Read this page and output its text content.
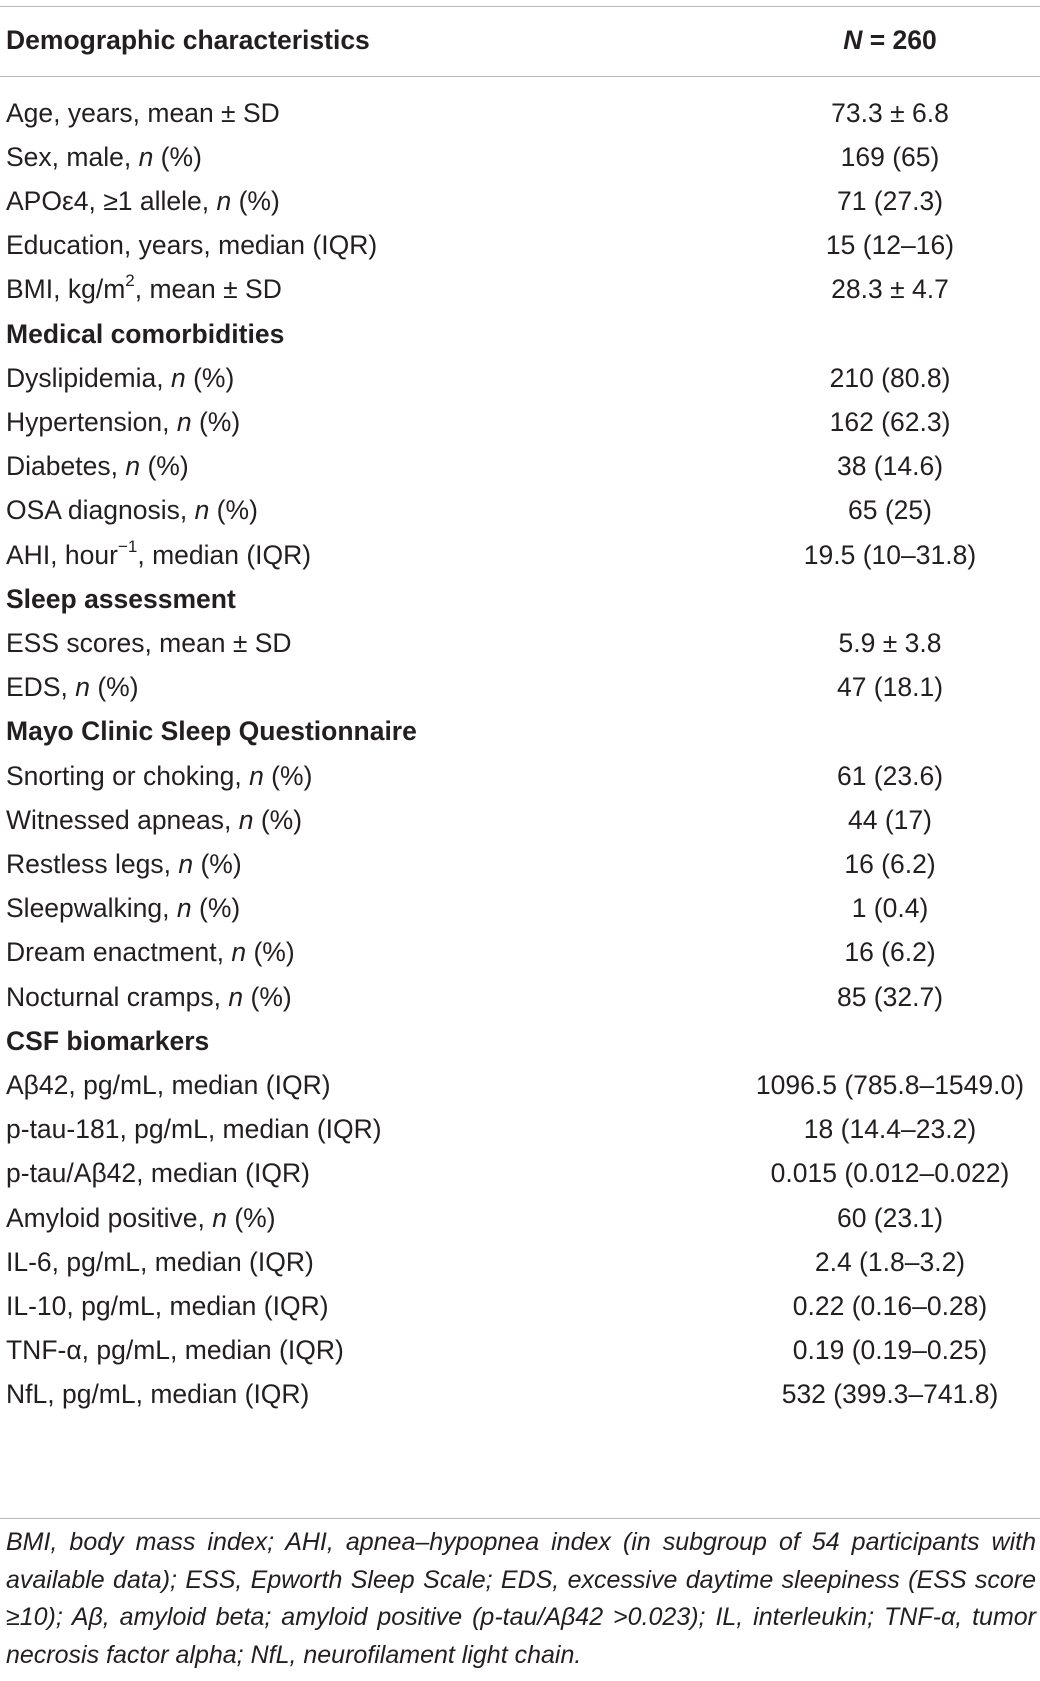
Demographic characteristics	N = 260
Age, years, mean ± SD	73.3 ± 6.8
Sex, male, n (%)	169 (65)
APOε4, ≥1 allele, n (%)	71 (27.3)
Education, years, median (IQR)	15 (12–16)
BMI, $kg/m^2$, mean ± SD	28.3 ± 4.7
Medical comorbidities
Dyslipidemia, n (%)	210 (80.8)
Hypertension, n (%)	162 (62.3)
Diabetes, n (%)	38 (14.6)
OSA diagnosis, n (%)	65 (25)
AHI, hour$^{-1}$, median (IQR)	19.5 (10–31.8)
Sleep assessment
ESS scores, mean ± SD	5.9 ± 3.8
EDS, n (%)	47 (18.1)
Mayo Clinic Sleep Questionnaire
Snorting or choking, n (%)	61 (23.6)
Witnessed apneas, n (%)	44 (17)
Restless legs, n (%)	16 (6.2)
Sleepwalking, n (%)	1 (0.4)
Dream enactment, n (%)	16 (6.2)
Nocturnal cramps, n (%)	85 (32.7)
CSF biomarkers
Aβ42, pg/mL, median (IQR)	1096.5 (785.8–1549.0)
p-tau-181, pg/mL, median (IQR)	18 (14.4–23.2)
p-tau/Aβ42, median (IQR)	0.015 (0.012–0.022)
Amyloid positive, n (%)	60 (23.1)
IL-6, pg/mL, median (IQR)	2.4 (1.8–3.2)
IL-10, pg/mL, median (IQR)	0.22 (0.16–0.28)
TNF-α, pg/mL, median (IQR)	0.19 (0.19–0.25)
NfL, pg/mL, median (IQR)	532 (399.3–741.8)
BMI, body mass index; AHI, apnea–hypopnea index (in subgroup of 54 participants with available data); ESS, Epworth Sleep Scale; EDS, excessive daytime sleepiness (ESS score ≥10); Aβ, amyloid beta; amyloid positive (p-tau/Aβ42 >0.023); IL, interleukin; TNF-α, tumor necrosis factor alpha; NfL, neurofilament light chain.
